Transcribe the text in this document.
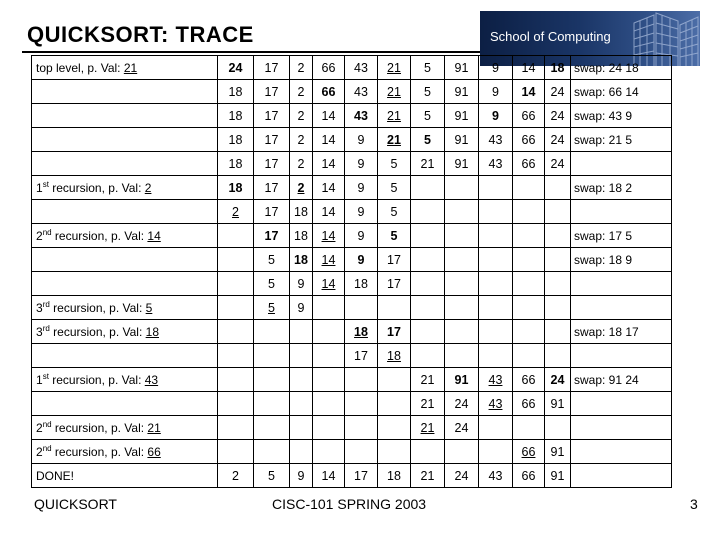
QUICKSORT: TRACE	School of Computing
top level, p. Val: 21	24	17	2	66	43	21	5	91	9	14	18	swap: 24 18
	18	17	2	66	43	21	5	91	9	14	24	swap: 66 14
	18	17	2	14	43	21	5	91	9	66	24	swap: 43 9
	18	17	2	14	9	21	5	91	43	66	24	swap: 21 5
	18	17	2	14	9	5	21	91	43	66	24	
1st recursion, p. Val: 2	18	17	2	14	9	5						swap: 18 2
	2	17	18	14	9	5						
2nd recursion, p. Val: 14		17	18	14	9	5						swap: 17 5
		5	18	14	9	17						swap: 18 9
		5	9	14	18	17						
3rd recursion, p. Val: 5		5	9									
3rd recursion, p. Val: 18					18	17						swap: 18 17
					17	18						
1st recursion, p. Val: 43							21	91	43	66	24	swap: 91 24
							21	24	43	66	91	
2nd recursion, p. Val: 21							21	24				
2nd recursion, p. Val: 66										66	91	
DONE!	2	5	9	14	17	18	21	24	43	66	91	
QUICKSORT	CISC-101 SPRING 2003	3
